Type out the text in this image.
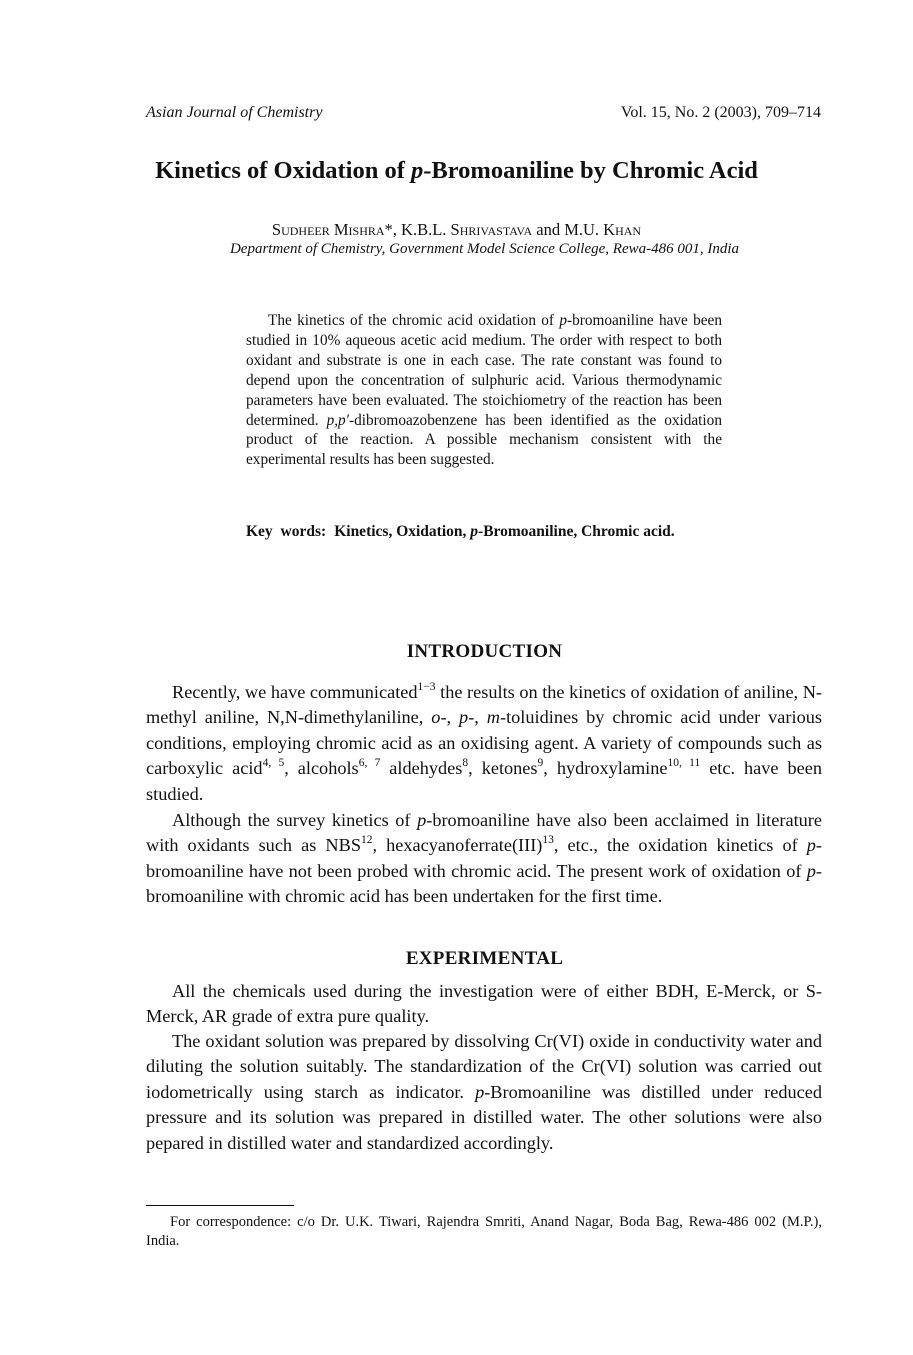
Asian Journal of Chemistry	Vol. 15, No. 2 (2003), 709–714
Kinetics of Oxidation of p-Bromoaniline by Chromic Acid
Sudheer Mishra*, K.B.L. Shrivastava and M.U. Khan
Department of Chemistry, Government Model Science College, Rewa-486 001, India

The kinetics of the chromic acid oxidation of p-bromoaniline have been studied in 10% aqueous acetic acid medium. The order with respect to both oxidant and substrate is one in each case. The rate constant was found to depend upon the concentration of sulphuric acid. Various thermodynamic parameters have been evaluated. The stoichiometry of the reaction has been determined. p,p′-dibromoazobenzene has been identified as the oxidation product of the reaction. A possible mechanism consistent with the experimental results has been suggested.

Key words: Kinetics, Oxidation, p-Bromoaniline, Chromic acid.

INTRODUCTION

Recently, we have communicated$^{1-3}$ the results on the kinetics of oxidation of aniline, N-methyl aniline, N,N-dimethylaniline, o-, p-, m-toluidines by chromic acid under various conditions, employing chromic acid as an oxidising agent. A variety of compounds such as carboxylic acid$^{4, 5}$, alcohols$^{6, 7}$ aldehydes$^8$, ketones$^9$, hydroxylamine$^{10, 11}$ etc. have been studied.

Although the survey kinetics of p-bromoaniline have also been acclaimed in literature with oxidants such as NBS$^{12}$, hexacyanoferrate(III)$^{13}$, etc., the oxidation kinetics of p-bromoaniline have not been probed with chromic acid. The present work of oxidation of p-bromoaniline with chromic acid has been undertaken for the first time.

EXPERIMENTAL

All the chemicals used during the investigation were of either BDH, E-Merck, or S-Merck, AR grade of extra pure quality.

The oxidant solution was prepared by dissolving Cr(VI) oxide in conductivity water and diluting the solution suitably. The standardization of the Cr(VI) solution was carried out iodometrically using starch as indicator. p-Bromoaniline was distilled under reduced pressure and its solution was prepared in distilled water. The other solutions were also pepared in distilled water and standardized accordingly.

For correspondence: c/o Dr. U.K. Tiwari, Rajendra Smriti, Anand Nagar, Boda Bag, Rewa-486 002 (M.P.), India.
